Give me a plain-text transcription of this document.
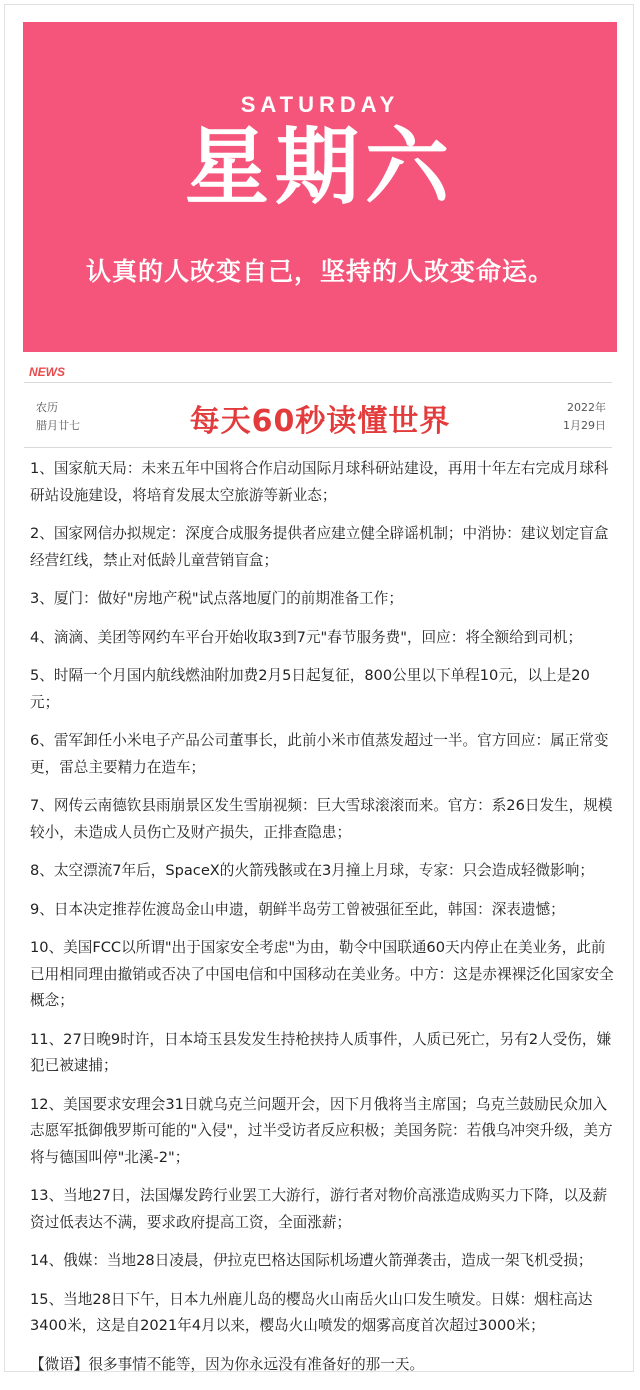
SATURDAY
星期六
认真的人改变自己，坚持的人改变命运。
NEWS
农历
腊月廿七	每天60秒读懂世界	2022年
1月29日

1、国家航天局：未来五年中国将合作启动国际月球科研站建设，再用十年左右完成月球科研站设施建设，将培育发展太空旅游等新业态；

2、国家网信办拟规定：深度合成服务提供者应建立健全辟谣机制；中消协：建议划定盲盒经营红线，禁止对低龄儿童营销盲盒；

3、厦门：做好"房地产税"试点落地厦门的前期准备工作；

4、滴滴、美团等网约车平台开始收取3到7元"春节服务费"，回应：将全额给到司机；

5、时隔一个月国内航线燃油附加费2月5日起复征，800公里以下单程10元，以上是20元；

6、雷军卸任小米电子产品公司董事长，此前小米市值蒸发超过一半。官方回应：属正常变更，雷总主要精力在造车；

7、网传云南德钦县雨崩景区发生雪崩视频：巨大雪球滚滚而来。官方：系26日发生，规模较小，未造成人员伤亡及财产损失，正排查隐患；

8、太空漂流7年后，SpaceX的火箭残骸或在3月撞上月球，专家：只会造成轻微影响；

9、日本决定推荐佐渡岛金山申遗，朝鲜半岛劳工曾被强征至此，韩国：深表遗憾；

10、美国FCC以所谓"出于国家安全考虑"为由，勒令中国联通60天内停止在美业务，此前已用相同理由撤销或否决了中国电信和中国移动在美业务。中方：这是赤裸裸泛化国家安全概念；

11、27日晚9时许，日本埼玉县发发生持枪挟持人质事件，人质已死亡，另有2人受伤，嫌犯已被逮捕；

12、美国要求安理会31日就乌克兰问题开会，因下月俄将当主席国；乌克兰鼓励民众加入志愿军抵御俄罗斯可能的"入侵"，过半受访者反应积极；美国务院：若俄乌冲突升级，美方将与德国叫停"北溪-2"；

13、当地27日，法国爆发跨行业罢工大游行，游行者对物价高涨造成购买力下降，以及薪资过低表达不满，要求政府提高工资，全面涨薪；

14、俄媒：当地28日凌晨，伊拉克巴格达国际机场遭火箭弹袭击，造成一架飞机受损；

15、当地28日下午，日本九州鹿儿岛的樱岛火山南岳火山口发生喷发。日媒：烟柱高达3400米，这是自2021年4月以来，樱岛火山喷发的烟雾高度首次超过3000米；

【微语】很多事情不能等，因为你永远没有准备好的那一天。
